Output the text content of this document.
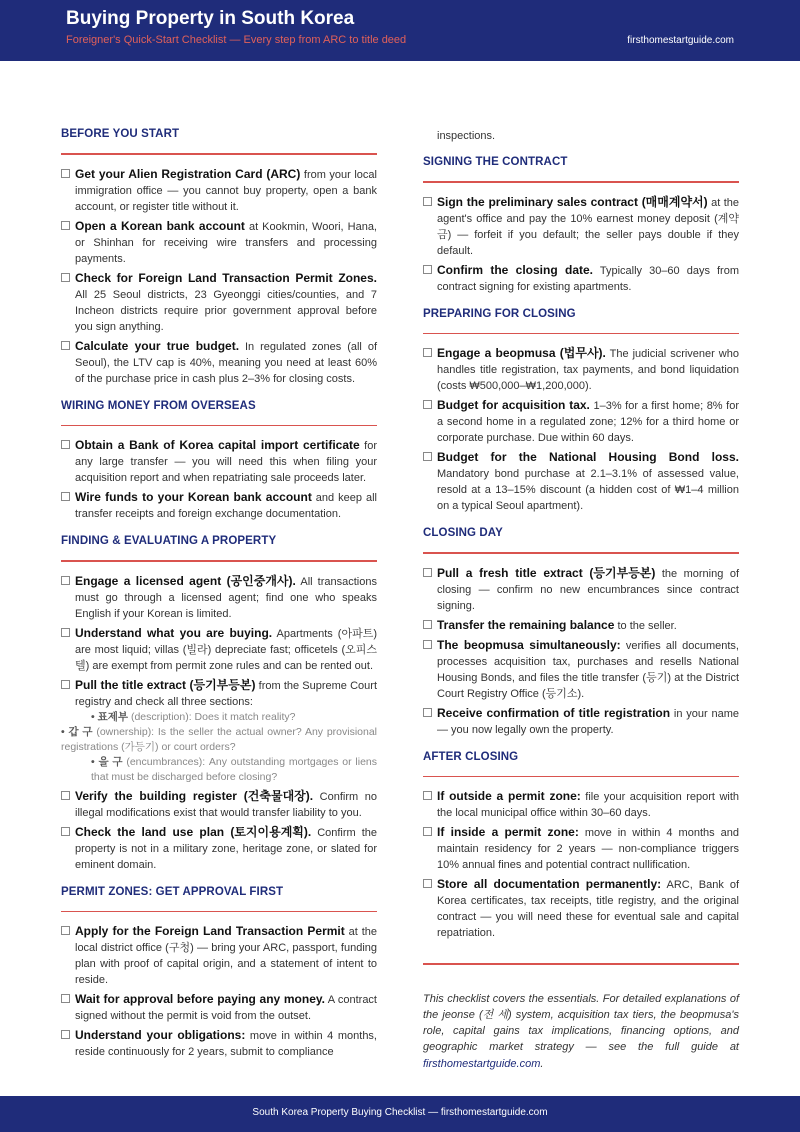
Buying Property in South Korea
Foreigner's Quick-Start Checklist — Every step from ARC to title deed	firsthomestartguide.com
BEFORE YOU START
Get your Alien Registration Card (ARC) from your local immigration office — you cannot buy property, open a bank account, or register title without it.
Open a Korean bank account at Kookmin, Woori, Hana, or Shinhan for receiving wire transfers and processing payments.
Check for Foreign Land Transaction Permit Zones. All 25 Seoul districts, 23 Gyeonggi cities/counties, and 7 Incheon districts require prior government approval before you sign anything.
Calculate your true budget. In regulated zones (all of Seoul), the LTV cap is 40%, meaning you need at least 60% of the purchase price in cash plus 2–3% for closing costs.
WIRING MONEY FROM OVERSEAS
Obtain a Bank of Korea capital import certificate for any large transfer — you will need this when filing your acquisition report and when repatriating sale proceeds later.
Wire funds to your Korean bank account and keep all transfer receipts and foreign exchange documentation.
FINDING & EVALUATING A PROPERTY
Engage a licensed agent (공인중개사). All transactions must go through a licensed agent; find one who speaks English if your Korean is limited.
Understand what you are buying. Apartments (아파트) are most liquid; villas (빌라) depreciate fast; officetels (오피스텔) are exempt from permit zone rules and can be rented out.
Pull the title extract (등기부등본) from the Supreme Court registry and check all three sections:
• 표제부 (description): Does it match reality?
• 갑 구 (ownership): Is the seller the actual owner? Any provisional registrations (가등기) or court orders?
• 을 구 (encumbrances): Any outstanding mortgages or liens that must be discharged before closing?
Verify the building register (건축물대장). Confirm no illegal modifications exist that would transfer liability to you.
Check the land use plan (토지이용계획). Confirm the property is not in a military zone, heritage zone, or slated for eminent domain.
PERMIT ZONES: GET APPROVAL FIRST
Apply for the Foreign Land Transaction Permit at the local district office (구청) — bring your ARC, passport, funding plan with proof of capital origin, and a statement of intent to reside.
Wait for approval before paying any money. A contract signed without the permit is void from the outset.
Understand your obligations: move in within 4 months, reside continuously for 2 years, submit to compliance
inspections.
SIGNING THE CONTRACT
Sign the preliminary sales contract (매매계약서) at the agent's office and pay the 10% earnest money deposit (계약금) — forfeit if you default; the seller pays double if they default.
Confirm the closing date. Typically 30–60 days from contract signing for existing apartments.
PREPARING FOR CLOSING
Engage a beopmusa (법무사). The judicial scrivener who handles title registration, tax payments, and bond liquidation (costs ₩500,000–₩1,200,000).
Budget for acquisition tax. 1–3% for a first home; 8% for a second home in a regulated zone; 12% for a third home or corporate purchase. Due within 60 days.
Budget for the National Housing Bond loss. Mandatory bond purchase at 2.1–3.1% of assessed value, resold at a 13–15% discount (a hidden cost of ₩1–4 million on a typical Seoul apartment).
CLOSING DAY
Pull a fresh title extract (등기부등본) the morning of closing — confirm no new encumbrances since contract signing.
Transfer the remaining balance to the seller.
The beopmusa simultaneously: verifies all documents, processes acquisition tax, purchases and resells National Housing Bonds, and files the title transfer (등기) at the District Court Registry Office (등기소).
Receive confirmation of title registration in your name — you now legally own the property.
AFTER CLOSING
If outside a permit zone: file your acquisition report with the local municipal office within 30–60 days.
If inside a permit zone: move in within 4 months and maintain residency for 2 years — non-compliance triggers 10% annual fines and potential contract nullification.
Store all documentation permanently: ARC, Bank of Korea certificates, tax receipts, title registry, and the original contract — you will need these for eventual sale and capital repatriation.
This checklist covers the essentials. For detailed explanations of the jeonse (전 세) system, acquisition tax tiers, the beopmusa's role, capital gains tax implications, financing options, and geographic market strategy — see the full guide at firsthomestartguide.com.
South Korea Property Buying Checklist — firsthomestartguide.com
